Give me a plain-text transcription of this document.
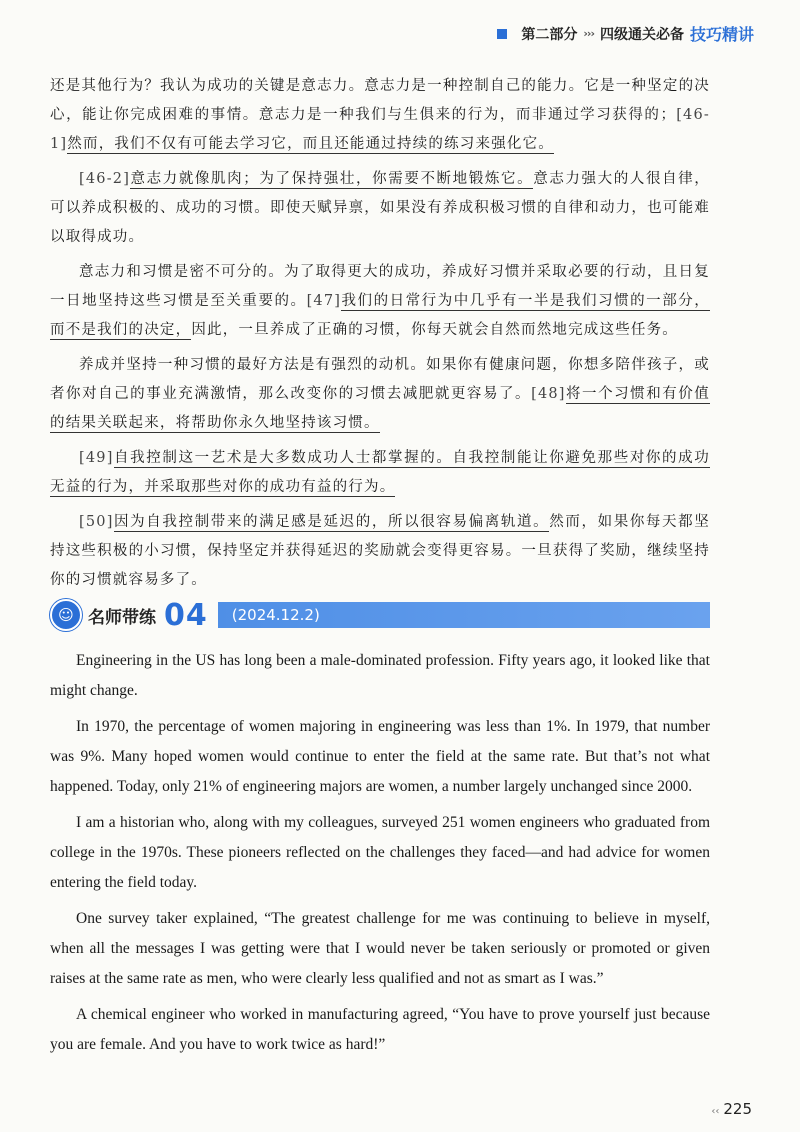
第二部分 ››› 四级通关必备 技巧精讲

还是其他行为？我认为成功的关键是意志力。意志力是一种控制自己的能力。它是一种坚定的决心，能让你完成困难的事情。意志力是一种我们与生俱来的行为，而非通过学习获得的；[46-1]然而，我们不仅有可能去学习它，而且还能通过持续的练习来强化它。

[46-2]意志力就像肌肉；为了保持强壮，你需要不断地锻炼它。意志力强大的人很自律，可以养成积极的、成功的习惯。即使天赋异禀，如果没有养成积极习惯的自律和动力，也可能难以取得成功。

意志力和习惯是密不可分的。为了取得更大的成功，养成好习惯并采取必要的行动，且日复一日地坚持这些习惯是至关重要的。[47]我们的日常行为中几乎有一半是我们习惯的一部分，而不是我们的决定，因此，一旦养成了正确的习惯，你每天就会自然而然地完成这些任务。

养成并坚持一种习惯的最好方法是有强烈的动机。如果你有健康问题，你想多陪伴孩子，或者你对自己的事业充满激情，那么改变你的习惯去减肥就更容易了。[48]将一个习惯和有价值的结果关联起来，将帮助你永久地坚持该习惯。

[49]自我控制这一艺术是大多数成功人士都掌握的。自我控制能让你避免那些对你的成功无益的行为，并采取那些对你的成功有益的行为。

[50]因为自我控制带来的满足感是延迟的，所以很容易偏离轨道。然而，如果你每天都坚持这些积极的小习惯，保持坚定并获得延迟的奖励就会变得更容易。一旦获得了奖励，继续坚持你的习惯就容易多了。

☺ 名师带练 04 (2024.12.2)

Engineering in the US has long been a male-dominated profession. Fifty years ago, it looked like that might change.

In 1970, the percentage of women majoring in engineering was less than 1%. In 1979, that number was 9%. Many hoped women would continue to enter the field at the same rate. But that’s not what happened. Today, only 21% of engineering majors are women, a number largely unchanged since 2000.

I am a historian who, along with my colleagues, surveyed 251 women engineers who graduated from college in the 1970s. These pioneers reflected on the challenges they faced—and had advice for women entering the field today.

One survey taker explained, “The greatest challenge for me was continuing to believe in myself, when all the messages I was getting were that I would never be taken seriously or promoted or given raises at the same rate as men, who were clearly less qualified and not as smart as I was.”

A chemical engineer who worked in manufacturing agreed, “You have to prove yourself just because you are female. And you have to work twice as hard!”

‹‹ 225
